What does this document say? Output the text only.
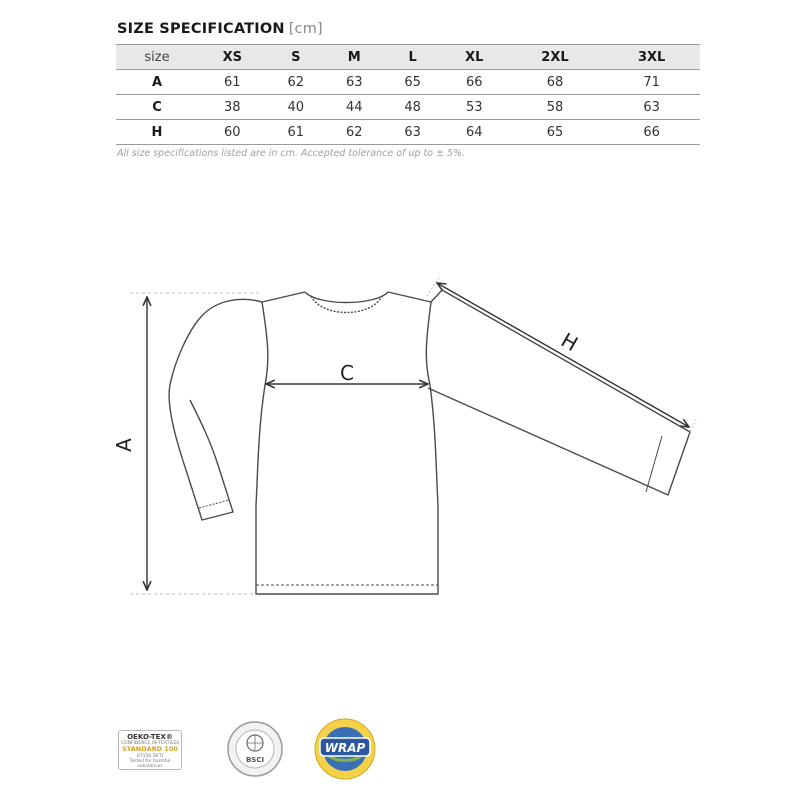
SIZE SPECIFICATION [cm]
size	XS	S	M	L	XL	2XL	3XL
A	61	62	63	65	66	68	71
C	38	40	44	48	53	58	63
H	60	61	62	63	64	65	66
All size specifications listed are in cm. Accepted tolerance of up to ± 5%.
A
C
H
BSCI
WRAP
OEKO-TEX®
CONFIDENCE IN TEXTILES
STANDARD 100
67150 OETI
Tested for harmful substances
